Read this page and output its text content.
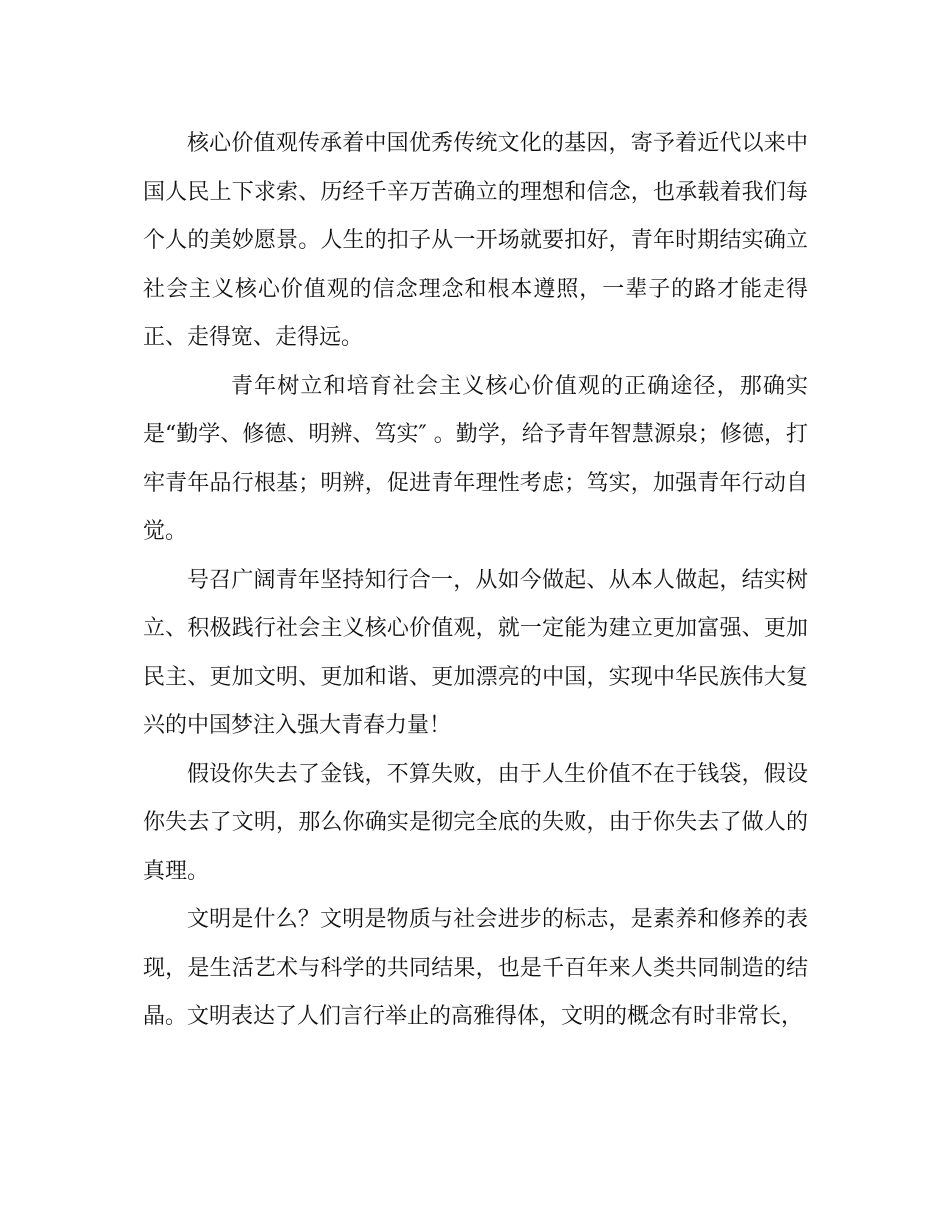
核心价值观传承着中国优秀传统文化的基因，寄予着近代以来中国人民上下求索、历经千辛万苦确立的理想和信念，也承载着我们每个人的美妙愿景。人生的扣子从一开场就要扣好，青年时期结实确立社会主义核心价值观的信念理念和根本遵照，一辈子的路才能走得正、走得宽、走得远。

青年树立和培育社会主义核心价值观的正确途径，那确实是“勤学、修德、明辨、笃实″ 。勤学，给予青年智慧源泉；修德，打牢青年品行根基；明辨，促进青年理性考虑；笃实，加强青年行动自觉。

号召广阔青年坚持知行合一，从如今做起、从本人做起，结实树立、积极践行社会主义核心价值观，就一定能为建立更加富强、更加民主、更加文明、更加和谐、更加漂亮的中国，实现中华民族伟大复兴的中国梦注入强大青春力量！

假设你失去了金钱，不算失败，由于人生价值不在于钱袋，假设你失去了文明，那么你确实是彻完全底的失败，由于你失去了做人的真理。

文明是什么？文明是物质与社会进步的标志，是素养和修养的表现，是生活艺术与科学的共同结果，也是千百年来人类共同制造的结晶。文明表达了人们言行举止的高雅得体，文明的概念有时非常长，
